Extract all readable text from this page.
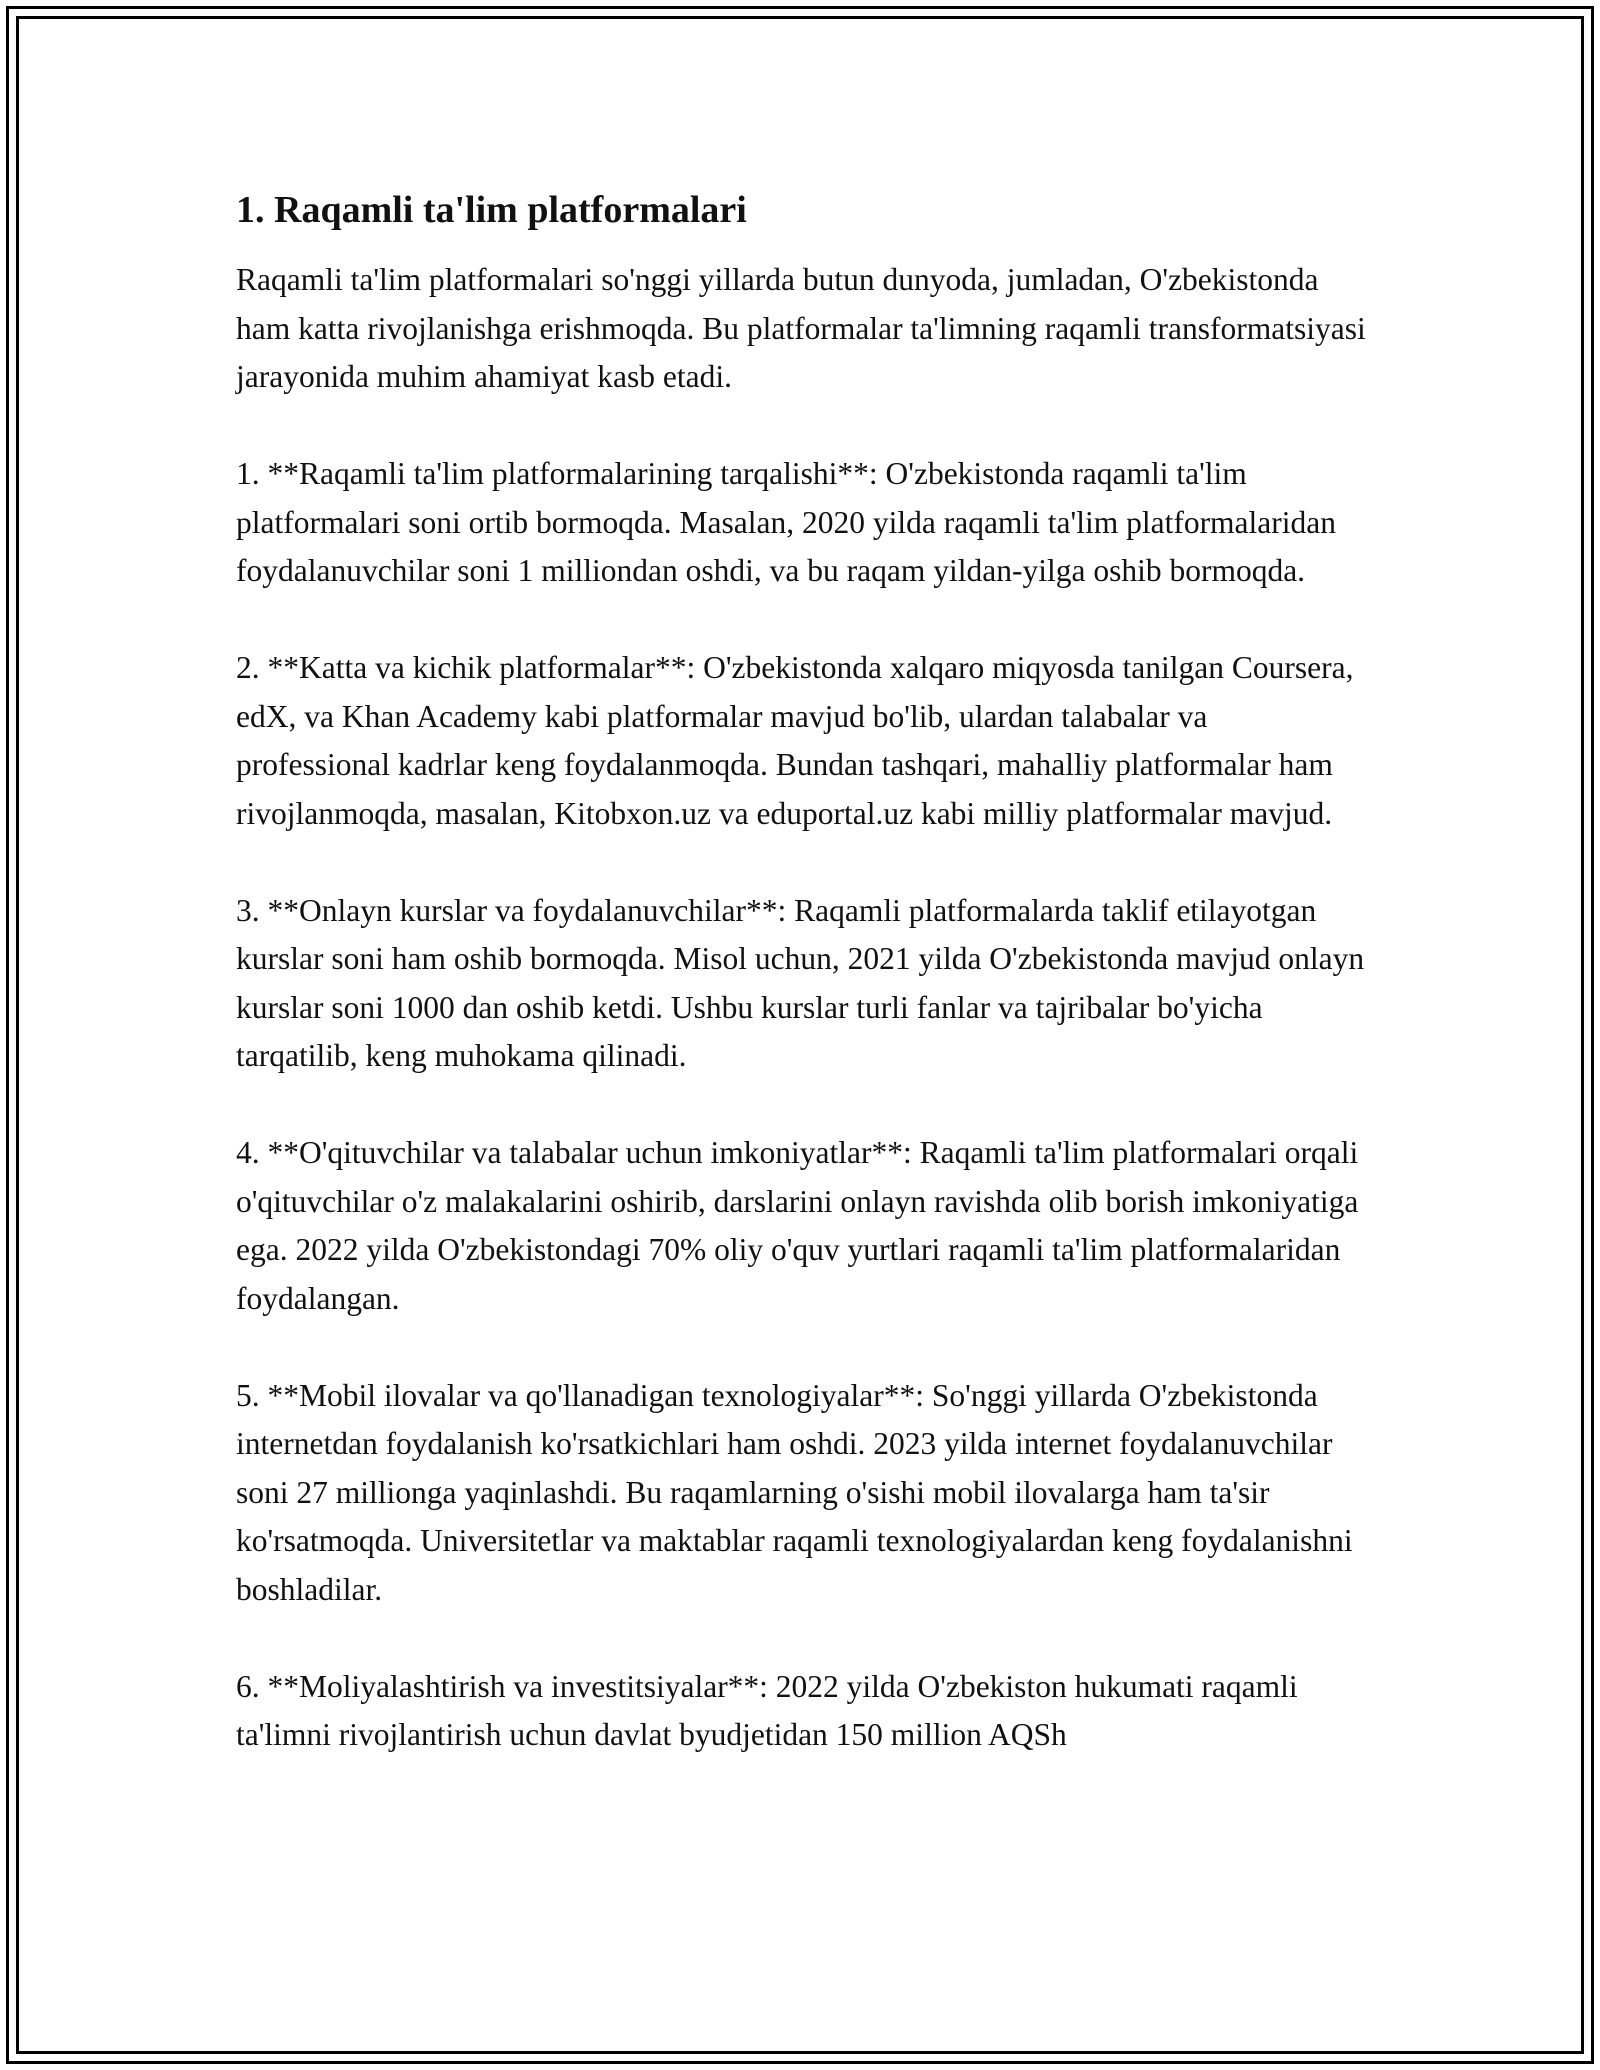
1. Raqamli ta'lim platformalari

Raqamli ta'lim platformalari so'nggi yillarda butun dunyoda, jumladan, O'zbekistonda ham katta rivojlanishga erishmoqda. Bu platformalar ta'limning raqamli transformatsiyasi jarayonida muhim ahamiyat kasb etadi.

1. **Raqamli ta'lim platformalarining tarqalishi**: O'zbekistonda raqamli ta'lim platformalari soni ortib bormoqda. Masalan, 2020 yilda raqamli ta'lim platformalaridan foydalanuvchilar soni 1 milliondan oshdi, va bu raqam yildan-yilga oshib bormoqda.

2. **Katta va kichik platformalar**: O'zbekistonda xalqaro miqyosda tanilgan Coursera, edX, va Khan Academy kabi platformalar mavjud bo'lib, ulardan talabalar va professional kadrlar keng foydalanmoqda. Bundan tashqari, mahalliy platformalar ham rivojlanmoqda, masalan, Kitobxon.uz va eduportal.uz kabi milliy platformalar mavjud.

3. **Onlayn kurslar va foydalanuvchilar**: Raqamli platformalarda taklif etilayotgan kurslar soni ham oshib bormoqda. Misol uchun, 2021 yilda O'zbekistonda mavjud onlayn kurslar soni 1000 dan oshib ketdi. Ushbu kurslar turli fanlar va tajribalar bo'yicha tarqatilib, keng muhokama qilinadi.

4. **O'qituvchilar va talabalar uchun imkoniyatlar**: Raqamli ta'lim platformalari orqali o'qituvchilar o'z malakalarini oshirib, darslarini onlayn ravishda olib borish imkoniyatiga ega. 2022 yilda O'zbekistondagi 70% oliy o'quv yurtlari raqamli ta'lim platformalaridan foydalangan.

5. **Mobil ilovalar va qo'llanadigan texnologiyalar**: So'nggi yillarda O'zbekistonda internetdan foydalanish ko'rsatkichlari ham oshdi. 2023 yilda internet foydalanuvchilar soni 27 millionga yaqinlashdi. Bu raqamlarning o'sishi mobil ilovalarga ham ta'sir ko'rsatmoqda. Universitetlar va maktablar raqamli texnologiyalardan keng foydalanishni boshladilar.

6. **Moliyalashtirish va investitsiyalar**: 2022 yilda O'zbekiston hukumati raqamli ta'limni rivojlantirish uchun davlat byudjetidan 150 million AQSh
